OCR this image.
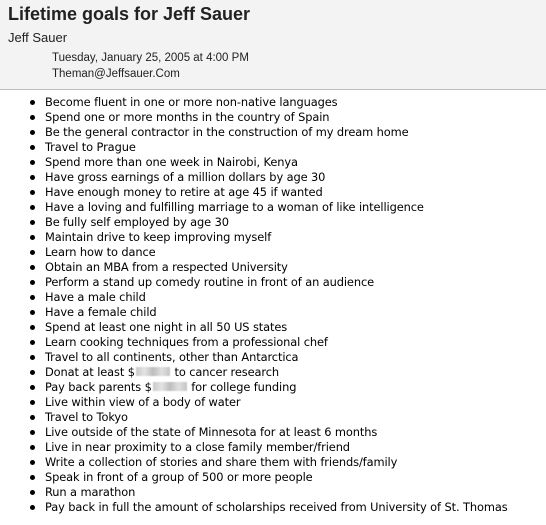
Lifetime goals for Jeff Sauer
Jeff Sauer
Tuesday, January 25, 2005 at 4:00 PM
Theman@Jeffsauer.Com
Become fluent in one or more non-native languages
Spend one or more months in the country of Spain
Be the general contractor in the construction of my dream home
Travel to Prague
Spend more than one week in Nairobi, Kenya
Have gross earnings of a million dollars by age 30
Have enough money to retire at age 45 if wanted
Have a loving and fulfilling marriage to a woman of like intelligence
Be fully self employed by age 30
Maintain drive to keep improving myself
Learn how to dance
Obtain an MBA from a respected University
Perform a stand up comedy routine in front of an audience
Have a male child
Have a female child
Spend at least one night in all 50 US states
Learn cooking techniques from a professional chef
Travel to all continents, other than Antarctica
Donat at least $	to cancer research
Pay back parents $	for college funding
Live within view of a body of water
Travel to Tokyo
Live outside of the state of Minnesota for at least 6 months
Live in near proximity to a close family member/friend
Write a collection of stories and share them with friends/family
Speak in front of a group of 500 or more people
Run a marathon
Pay back in full the amount of scholarships received from University of St. Thomas
